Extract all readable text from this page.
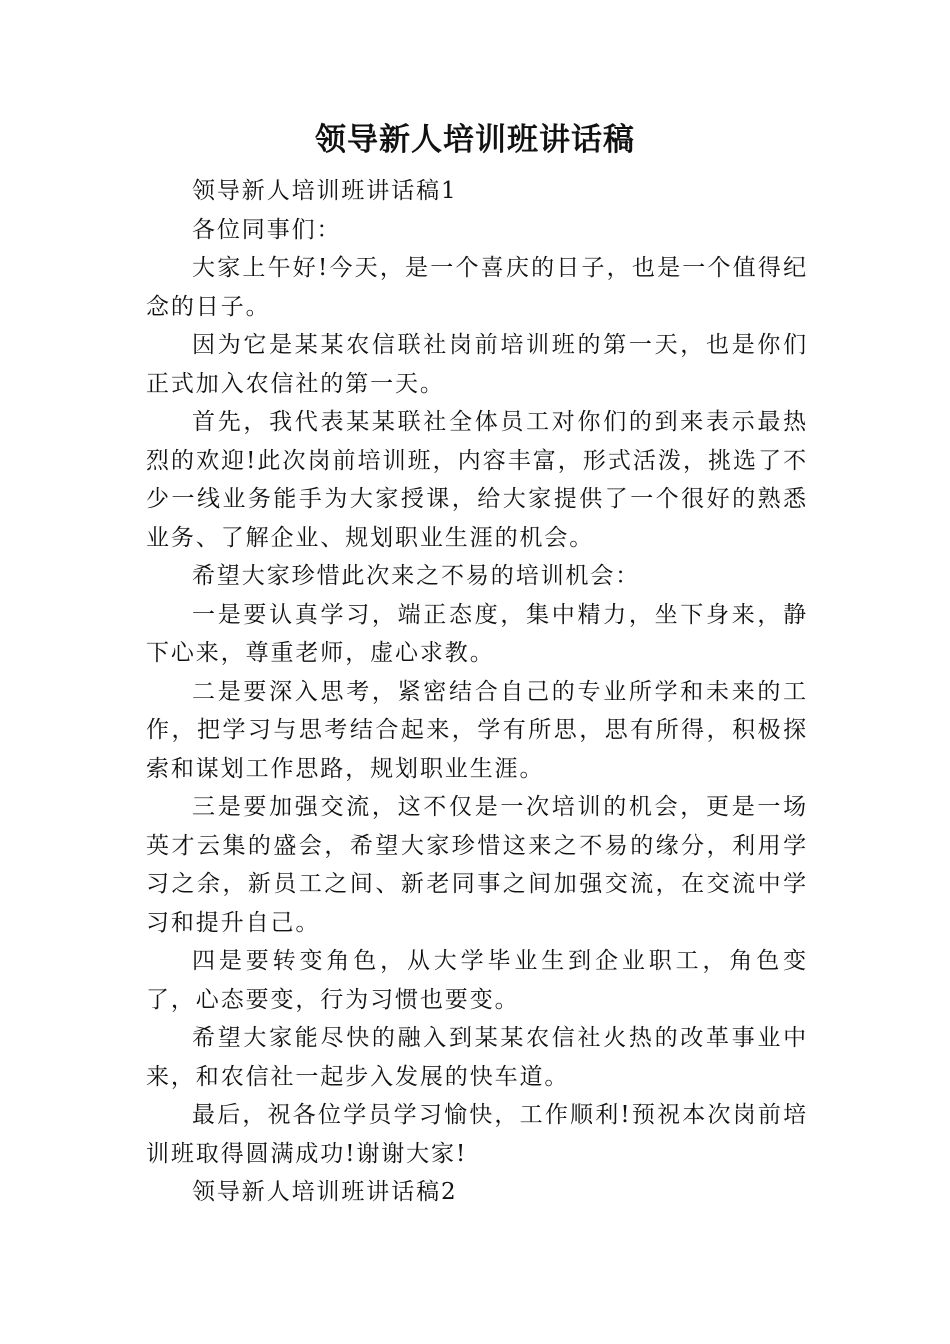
领导新人培训班讲话稿

领导新人培训班讲话稿1

各位同事们：

大家上午好!今天，是一个喜庆的日子，也是一个值得纪念的日子。

因为它是某某农信联社岗前培训班的第一天，也是你们正式加入农信社的第一天。

首先，我代表某某联社全体员工对你们的到来表示最热烈的欢迎!此次岗前培训班，内容丰富，形式活泼，挑选了不少一线业务能手为大家授课，给大家提供了一个很好的熟悉业务、了解企业、规划职业生涯的机会。

希望大家珍惜此次来之不易的培训机会：

一是要认真学习，端正态度，集中精力，坐下身来，静下心来，尊重老师，虚心求教。

二是要深入思考，紧密结合自己的专业所学和未来的工作，把学习与思考结合起来，学有所思，思有所得，积极探索和谋划工作思路，规划职业生涯。

三是要加强交流，这不仅是一次培训的机会，更是一场英才云集的盛会，希望大家珍惜这来之不易的缘分，利用学习之余，新员工之间、新老同事之间加强交流，在交流中学习和提升自己。

四是要转变角色，从大学毕业生到企业职工，角色变了，心态要变，行为习惯也要变。

希望大家能尽快的融入到某某农信社火热的改革事业中来，和农信社一起步入发展的快车道。

最后，祝各位学员学习愉快，工作顺利!预祝本次岗前培训班取得圆满成功!谢谢大家!

领导新人培训班讲话稿2
